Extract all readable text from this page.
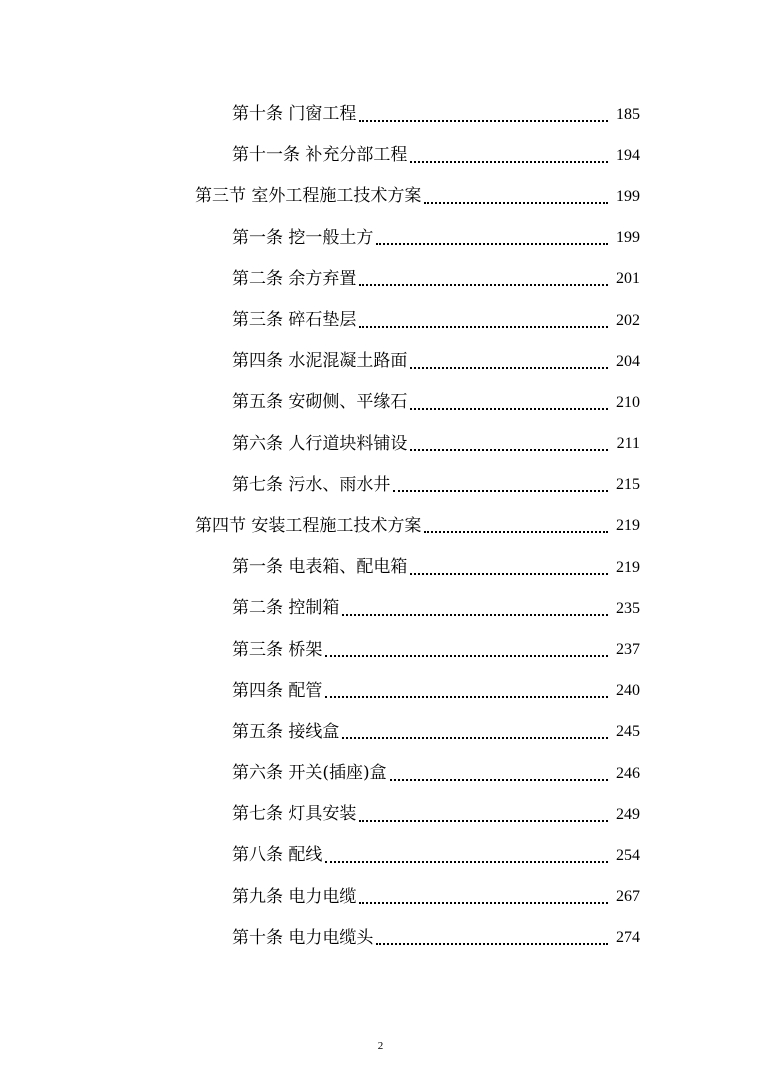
第十条 门窗工程	185
第十一条 补充分部工程	194
第三节 室外工程施工技术方案	199
第一条 挖一般土方	199
第二条 余方弃置	201
第三条 碎石垫层	202
第四条 水泥混凝土路面	204
第五条 安砌侧、平缘石	210
第六条 人行道块料铺设	211
第七条 污水、雨水井	215
第四节 安装工程施工技术方案	219
第一条 电表箱、配电箱	219
第二条 控制箱	235
第三条 桥架	237
第四条 配管	240
第五条 接线盒	245
第六条 开关(插座)盒	246
第七条 灯具安装	249
第八条 配线	254
第九条 电力电缆	267
第十条 电力电缆头	274
2
